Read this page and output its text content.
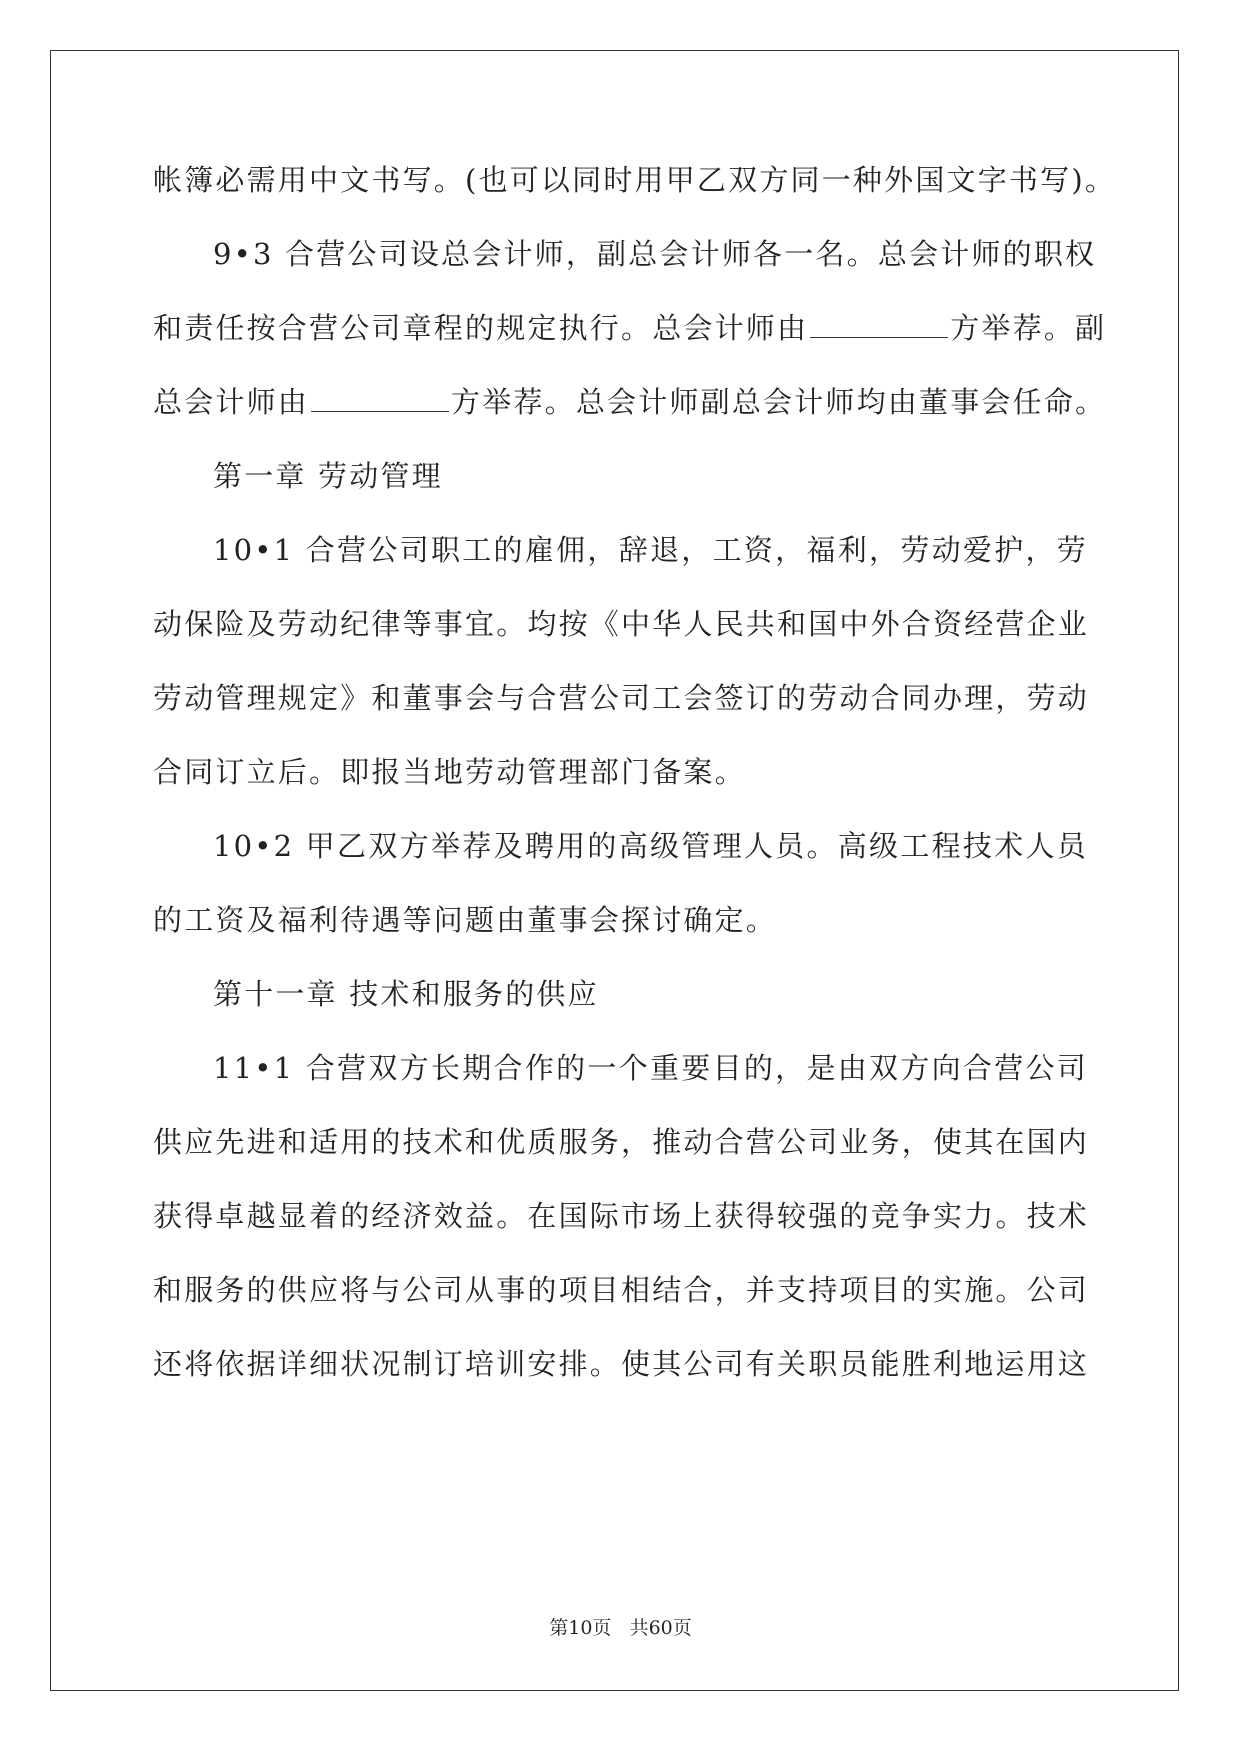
帐簿必需用中文书写。(也可以同时用甲乙双方同一种外国文字书写)。
9•3 合营公司设总会计师，副总会计师各一名。总会计师的职权
和责任按合营公司章程的规定执行。总会计师由	方举荐。副
总会计师由	方举荐。总会计师副总会计师均由董事会任命。
第一章 劳动管理
10•1 合营公司职工的雇佣，辞退，工资，福利，劳动爱护，劳
动保险及劳动纪律等事宜。均按《中华人民共和国中外合资经营企业
劳动管理规定》和董事会与合营公司工会签订的劳动合同办理，劳动
合同订立后。即报当地劳动管理部门备案。
10•2 甲乙双方举荐及聘用的高级管理人员。高级工程技术人员
的工资及福利待遇等问题由董事会探讨确定。
第十一章 技术和服务的供应
11•1 合营双方长期合作的一个重要目的，是由双方向合营公司
供应先进和适用的技术和优质服务，推动合营公司业务，使其在国内
获得卓越显着的经济效益。在国际市场上获得较强的竞争实力。技术
和服务的供应将与公司从事的项目相结合，并支持项目的实施。公司
还将依据详细状况制订培训安排。使其公司有关职员能胜利地运用这
第10页 共60页
